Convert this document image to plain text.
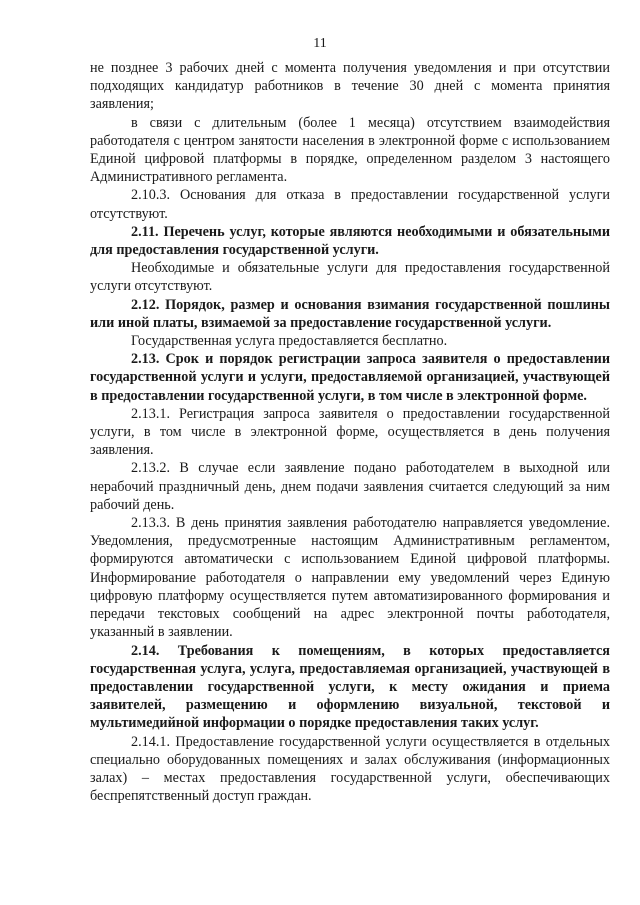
11

не позднее 3 рабочих дней с момента получения уведомления и при отсутствии подходящих кандидатур работников в течение 30 дней с момента принятия заявления;

в связи с длительным (более 1 месяца) отсутствием взаимодействия работодателя с центром занятости населения в электронной форме с использованием Единой цифровой платформы в порядке, определенном разделом 3 настоящего Административного регламента.

2.10.3. Основания для отказа в предоставлении государственной услуги отсутствуют.

2.11. Перечень услуг, которые являются необходимыми и обязательными для предоставления государственной услуги.

Необходимые и обязательные услуги для предоставления государственной услуги отсутствуют.

2.12. Порядок, размер и основания взимания государственной пошлины или иной платы, взимаемой за предоставление государственной услуги.

Государственная услуга предоставляется бесплатно.

2.13. Срок и порядок регистрации запроса заявителя о предоставлении государственной услуги и услуги, предоставляемой организацией, участвующей в предоставлении государственной услуги, в том числе в электронной форме.

2.13.1. Регистрация запроса заявителя о предоставлении государственной услуги, в том числе в электронной форме, осуществляется в день получения заявления.

2.13.2. В случае если заявление подано работодателем в выходной или нерабочий праздничный день, днем подачи заявления считается следующий за ним рабочий день.

2.13.3. В день принятия заявления работодателю направляется уведомление. Уведомления, предусмотренные настоящим Административным регламентом, формируются автоматически с использованием Единой цифровой платформы. Информирование работодателя о направлении ему уведомлений через Единую цифровую платформу осуществляется путем автоматизированного формирования и передачи текстовых сообщений на адрес электронной почты работодателя, указанный в заявлении.

2.14. Требования к помещениям, в которых предоставляется государственная услуга, услуга, предоставляемая организацией, участвующей в предоставлении государственной услуги, к месту ожидания и приема заявителей, размещению и оформлению визуальной, текстовой и мультимедийной информации о порядке предоставления таких услуг.

2.14.1. Предоставление государственной услуги осуществляется в отдельных специально оборудованных помещениях и залах обслуживания (информационных залах) – местах предоставления государственной услуги, обеспечивающих беспрепятственный доступ граждан.
